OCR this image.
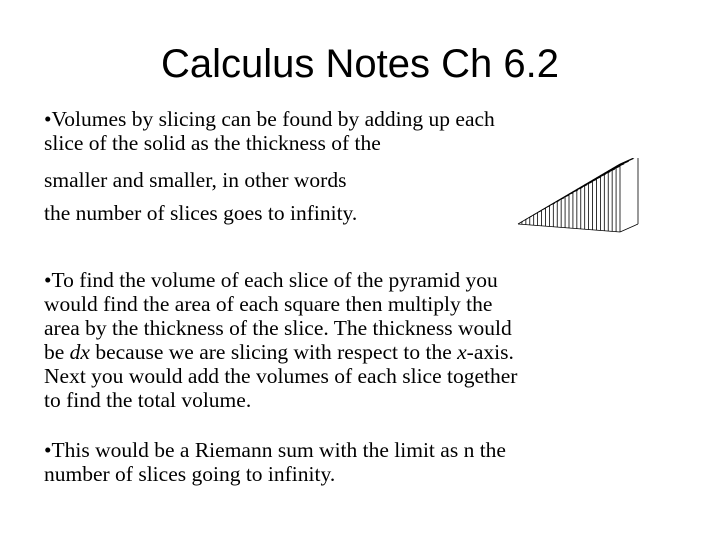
Calculus Notes Ch 6.2
•Volumes by slicing can be found by adding up each
slice of the solid as the thickness of the
smaller and smaller, in other words
the number of slices goes to infinity.
•To find the volume of each slice of the pyramid you
would find the area of each square then multiply the
area by the thickness of the slice. The thickness would
be dx because we are slicing with respect to the x-axis.
Next you would add the volumes of each slice together
to find the total volume.
•This would be a Riemann sum with the limit as n the
number of slices going to infinity.
